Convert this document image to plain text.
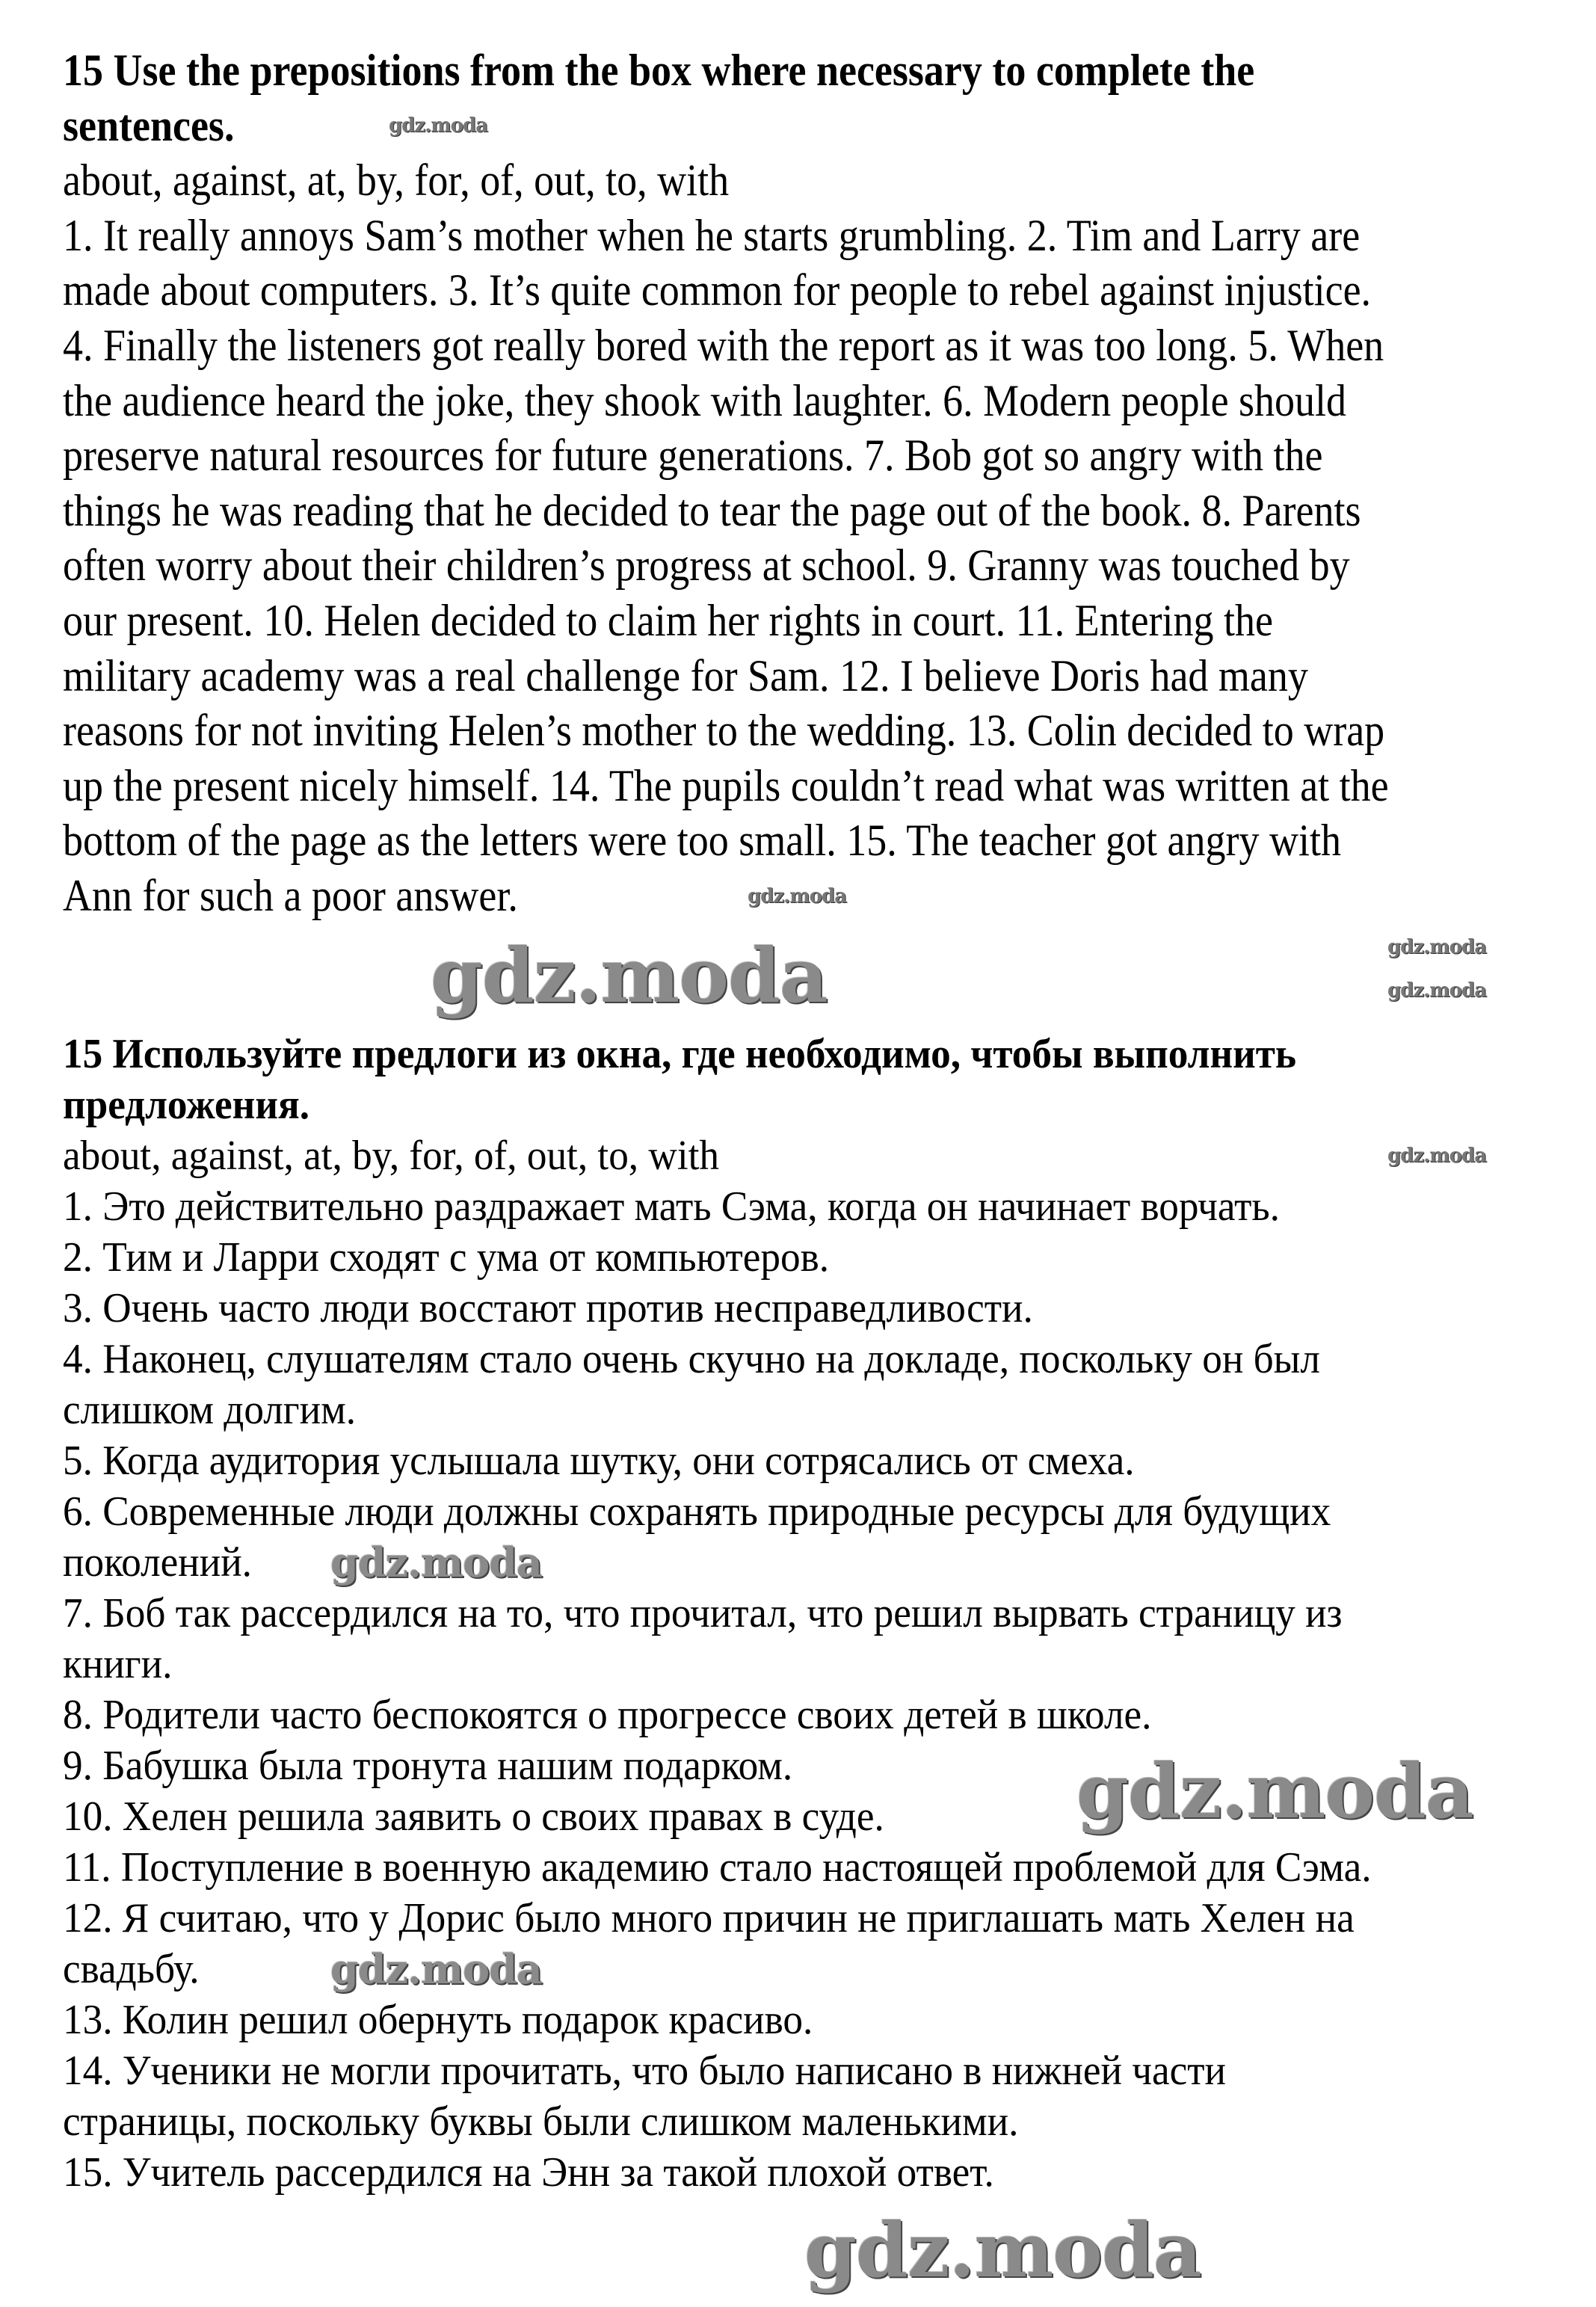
15 Use the prepositions from the box where necessary to complete the
sentences.
about, against, at, by, for, of, out, to, with
1. It really annoys Sam’s mother when he starts grumbling. 2. Tim and Larry are
made about computers. 3. It’s quite common for people to rebel against injustice.
4. Finally the listeners got really bored with the report as it was too long. 5. When
the audience heard the joke, they shook with laughter. 6. Modern people should
preserve natural resources for future generations. 7. Bob got so angry with the
things he was reading that he decided to tear the page out of the book. 8. Parents
often worry about their children’s progress at school. 9. Granny was touched by
our present. 10. Helen decided to claim her rights in court. 11. Entering the
military academy was a real challenge for Sam. 12. I believe Doris had many
reasons for not inviting Helen’s mother to the wedding. 13. Colin decided to wrap
up the present nicely himself. 14. The pupils couldn’t read what was written at the
bottom of the page as the letters were too small. 15. The teacher got angry with
Ann for such a poor answer.
15 Используйте предлоги из окна, где необходимо, чтобы выполнить
предложения.
about, against, at, by, for, of, out, to, with
1. Это действительно раздражает мать Сэма, когда он начинает ворчать.
2. Тим и Ларри сходят с ума от компьютеров.
3. Очень часто люди восстают против несправедливости.
4. Наконец, слушателям стало очень скучно на докладе, поскольку он был
слишком долгим.
5. Когда аудитория услышала шутку, они сотрясались от смеха.
6. Современные люди должны сохранять природные ресурсы для будущих
поколений.
7. Боб так рассердился на то, что прочитал, что решил вырвать страницу из
книги.
8. Родители часто беспокоятся о прогрессе своих детей в школе.
9. Бабушка была тронута нашим подарком.
10. Хелен решила заявить о своих правах в суде.
11. Поступление в военную академию стало настоящей проблемой для Сэма.
12. Я считаю, что у Дорис было много причин не приглашать мать Хелен на
свадьбу.
13. Колин решил обернуть подарок красиво.
14. Ученики не могли прочитать, что было написано в нижней части
страницы, поскольку буквы были слишком маленькими.
15. Учитель рассердился на Энн за такой плохой ответ.
gdz.moda
gdz.moda
gdz.moda
gdz.moda	gdz.moda
gdz.moda
gdz.moda
gdz.moda
gdz.moda
gdz.moda
